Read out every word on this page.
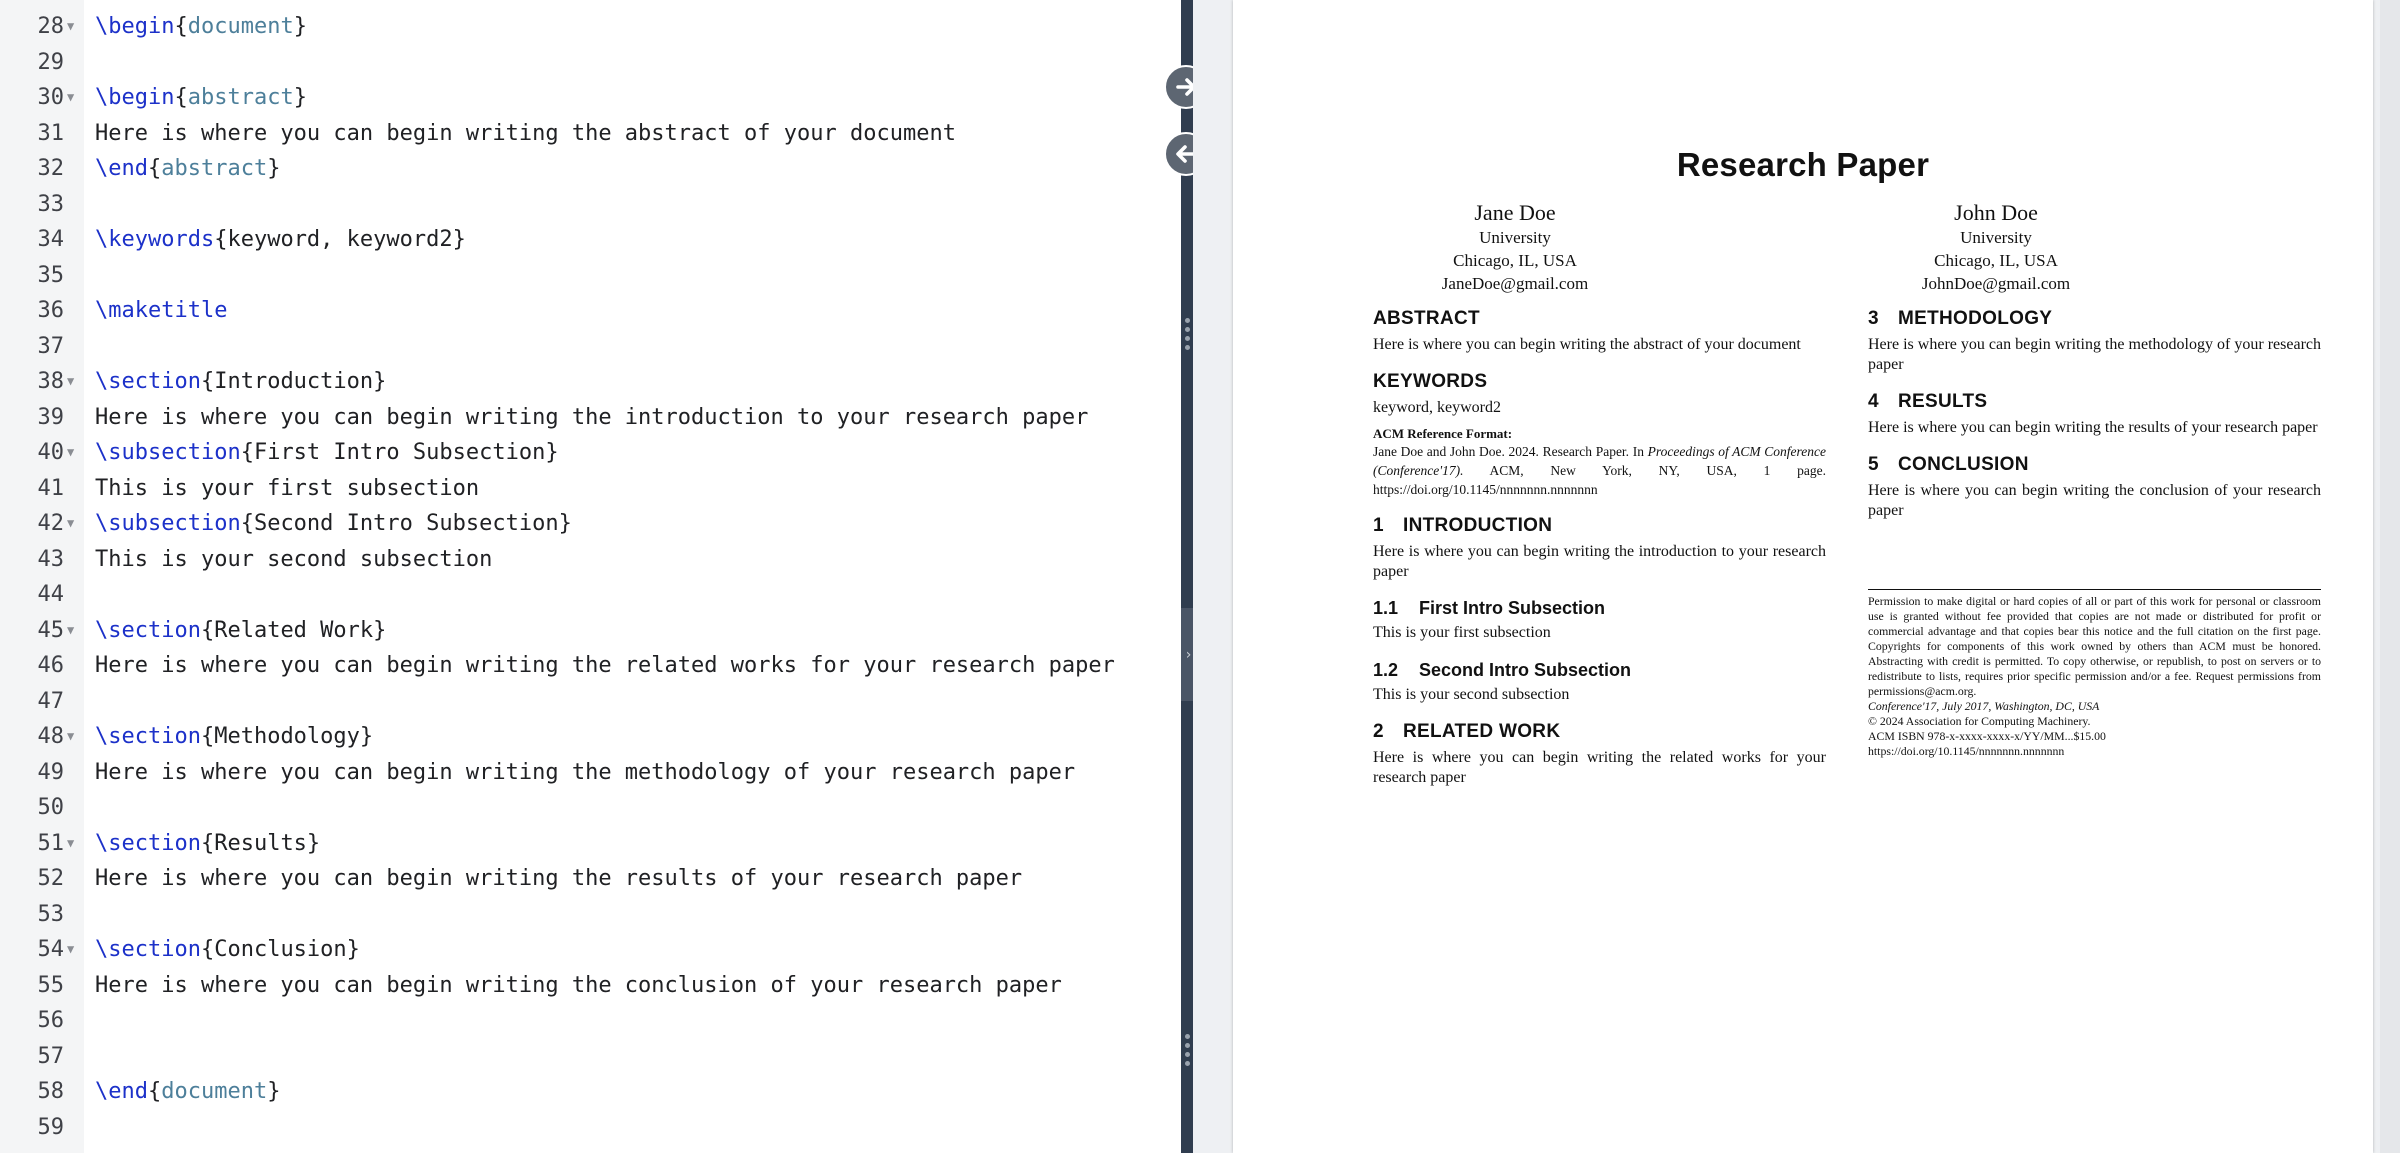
28 ▼ \begin{document}
29
30 ▼ \begin{abstract}
31 Here is where you can begin writing the abstract of your document
32 \end{abstract}
33
34 \keywords{keyword, keyword2}
35
36 \maketitle
37
38 ▼ \section{Introduction}
39 Here is where you can begin writing the introduction to your research paper
40 ▼ \subsection{First Intro Subsection}
41 This is your first subsection
42 ▼ \subsection{Second Intro Subsection}
43 This is your second subsection
44
45 ▼ \section{Related Work}
46 Here is where you can begin writing the related works for your research paper
47
48 ▼ \section{Methodology}
49 Here is where you can begin writing the methodology of your research paper
50
51 ▼ \section{Results}
52 Here is where you can begin writing the results of your research paper
53
54 ▼ \section{Conclusion}
55 Here is where you can begin writing the conclusion of your research paper
56
57
58 \end{document}
59
›
Research Paper
Jane Doe
University
Chicago, IL, USA
JaneDoe@gmail.com
John Doe
University
Chicago, IL, USA
JohnDoe@gmail.com
ABSTRACT
Here is where you can begin writing the abstract of your document
KEYWORDS
keyword, keyword2
ACM Reference Format:
Jane Doe and John Doe. 2024. Research Paper. In Proceedings of ACM Conference (Conference'17). ACM, New York, NY, USA, 1 page. https://doi.org/10.1145/nnnnnnn.nnnnnnn
1 INTRODUCTION
Here is where you can begin writing the introduction to your research paper
1.1 First Intro Subsection
This is your first subsection
1.2 Second Intro Subsection
This is your second subsection
2 RELATED WORK
Here is where you can begin writing the related works for your research paper
3 METHODOLOGY
Here is where you can begin writing the methodology of your research paper
4 RESULTS
Here is where you can begin writing the results of your research paper
5 CONCLUSION
Here is where you can begin writing the conclusion of your research paper
Permission to make digital or hard copies of all or part of this work for personal or classroom use is granted without fee provided that copies are not made or distributed for profit or commercial advantage and that copies bear this notice and the full citation on the first page. Copyrights for components of this work owned by others than ACM must be honored. Abstracting with credit is permitted. To copy otherwise, or republish, to post on servers or to redistribute to lists, requires prior specific permission and/or a fee. Request permissions from permissions@acm.org.
Conference'17, July 2017, Washington, DC, USA
© 2024 Association for Computing Machinery.
ACM ISBN 978-x-xxxx-xxxx-x/YY/MM...$15.00
https://doi.org/10.1145/nnnnnnn.nnnnnnn
